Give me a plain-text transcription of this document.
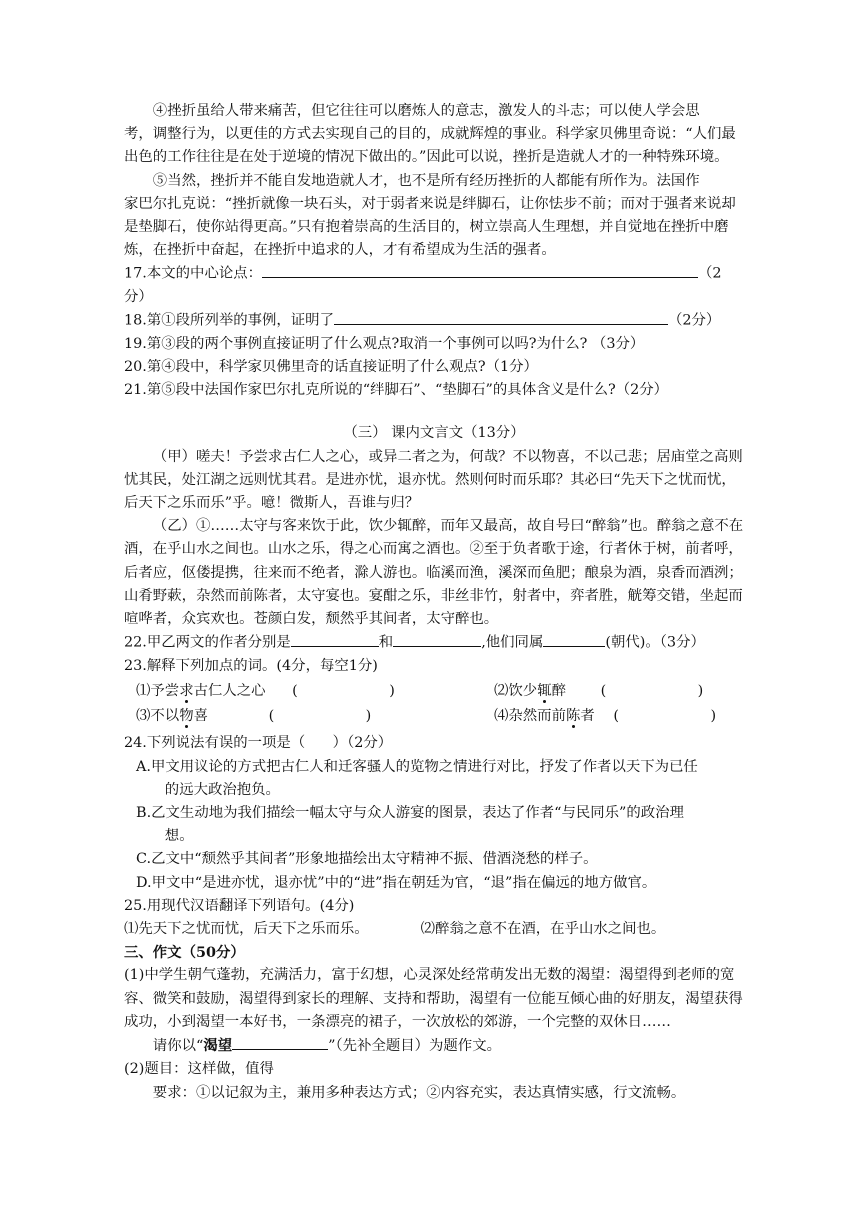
④挫折虽给人带来痛苦，但它往往可以磨炼人的意志，激发人的斗志；可以使人学会思

考，调整行为，以更佳的方式去实现自己的目的，成就辉煌的事业。科学家贝佛里奇说：“人们最出色的工作往往是在处于逆境的情况下做出的。”因此可以说，挫折是造就人才的一种特殊环境。

⑤当然，挫折并不能自发地造就人才，也不是所有经历挫折的人都能有所作为。法国作

家巴尔扎克说：“挫折就像一块石头，对于弱者来说是绊脚石，让你怯步不前；而对于强者来说却是垫脚石，使你站得更高。”只有抱着崇高的生活目的，树立崇高人生理想，并自觉地在挫折中磨炼，在挫折中奋起，在挫折中追求的人，才有希望成为生活的强者。

17.本文的中心论点：	（2

分）

18.第①段所列举的事例，证明了	（2分）

19.第③段的两个事例直接证明了什么观点?取消一个事例可以吗?为什么? （3分）

20.第④段中，科学家贝佛里奇的话直接证明了什么观点?（1分）

21.第⑤段中法国作家巴尔扎克所说的“绊脚石”、“垫脚石”的具体含义是什么?（2分）

（三） 课内文言文（13分）

（甲）嗟夫！予尝求古仁人之心，或异二者之为，何哉？不以物喜，不以己悲；居庙堂之高则忧其民，处江湖之远则忧其君。是进亦忧，退亦忧。然则何时而乐耶？其必曰“先天下之忧而忧，后天下之乐而乐”乎。噫！微斯人，吾谁与归？

（乙）①……太守与客来饮于此，饮少辄醉，而年又最高，故自号曰“醉翁”也。醉翁之意不在酒，在乎山水之间也。山水之乐，得之心而寓之酒也。②至于负者歌于途，行者休于树，前者呼，后者应，伛偻提携，往来而不绝者，滁人游也。临溪而渔，溪深而鱼肥；酿泉为酒，泉香而酒洌；山肴野蔌，杂然而前陈者，太守宴也。宴酣之乐，非丝非竹，射者中，弈者胜，觥筹交错，坐起而喧哗者，众宾欢也。苍颜白发，颓然乎其间者，太守醉也。

22.甲乙两文的作者分别是	和	,他们同属	(朝代)。（3分）

23.解释下列加点的词。(4分，每空1分)

⑴予尝求古仁人之心 (                    )	⑵饮少辄醉 (                    )
⑶不以物喜	(                    )	⑷杂然而前陈者 (                    )

24.下列说法有误的一项是（      ）（2分）

A.甲文用议论的方式把古仁人和迁客骚人的览物之情进行对比，抒发了作者以天下为已任

的远大政治抱负。

B.乙文生动地为我们描绘一幅太守与众人游宴的图景，表达了作者“与民同乐”的政治理

想。

C.乙文中“颓然乎其间者”形象地描绘出太守精神不振、借酒浇愁的样子。

D.甲文中“是进亦忧，退亦忧”中的“进”指在朝廷为官，“退”指在偏远的地方做官。

25.用现代汉语翻译下列语句。(4分)

⑴先天下之忧而忧，后天下之乐而乐。	⑵醉翁之意不在酒，在乎山水之间也。

三、作文（50分）

(1)中学生朝气蓬勃，充满活力，富于幻想，心灵深处经常萌发出无数的渴望：渴望得到老师的宽容、微笑和鼓励，渴望得到家长的理解、支持和帮助，渴望有一位能互倾心曲的好朋友，渴望获得成功，小到渴望一本好书，一条漂亮的裙子，一次放松的郊游，一个完整的双休日……

请你以“渴望	”（先补全题目）为题作文。

(2)题目：这样做，值得

要求：①以记叙为主，兼用多种表达方式；②内容充实，表达真情实感，行文流畅。
